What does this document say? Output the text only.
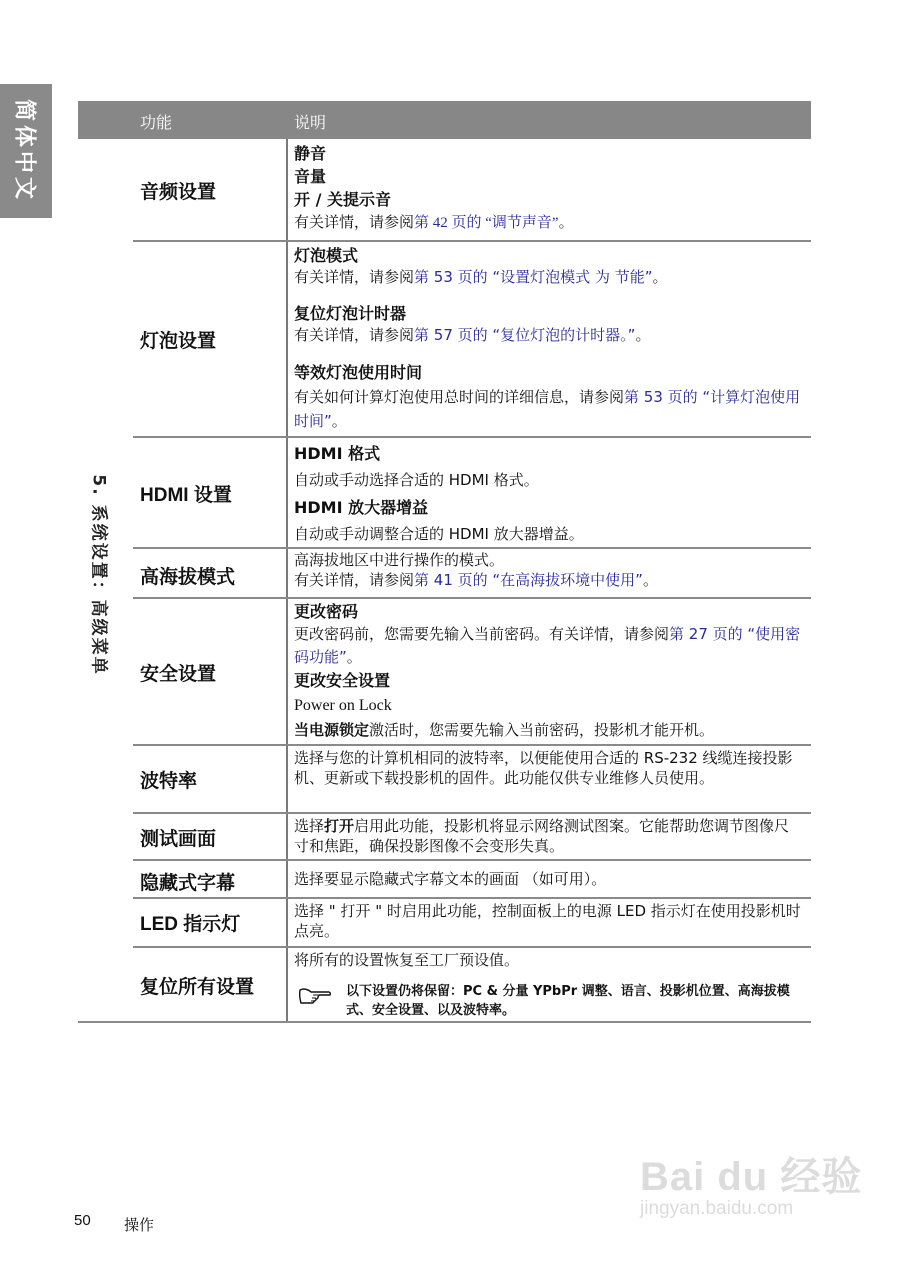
简体中文
5. 系统设置：高级菜单
功能	说明
音频设置
静音
音量
开 / 关提示音
有关详情，请参阅第 42 页的 “调节声音”。
灯泡设置
灯泡模式
有关详情，请参阅第 53 页的 “设置灯泡模式 为 节能”。
复位灯泡计时器
有关详情，请参阅第 57 页的 “复位灯泡的计时器。”。
等效灯泡使用时间
有关如何计算灯泡使用总时间的详细信息，请参阅第 53 页的 “计算灯泡使用时间”。
HDMI 设置
HDMI 格式
自动或手动选择合适的 HDMI 格式。
HDMI 放大器增益
自动或手动调整合适的 HDMI 放大器增益。
高海拔模式
高海拔地区中进行操作的模式。
有关详情，请参阅第 41 页的 “在高海拔环境中使用”。
安全设置
更改密码
更改密码前，您需要先输入当前密码。有关详情，请参阅第 27 页的 “使用密码功能”。
更改安全设置
Power on Lock
当电源锁定激活时，您需要先输入当前密码，投影机才能开机。
波特率
选择与您的计算机相同的波特率，以便能使用合适的 RS-232 线缆连接投影机、更新或下载投影机的固件。此功能仅供专业维修人员使用。
测试画面
选择打开启用此功能，投影机将显示网络测试图案。它能帮助您调节图像尺寸和焦距，确保投影图像不会变形失真。
隐藏式字幕	选择要显示隐藏式字幕文本的画面 （如可用）。
LED 指示灯
选择 " 打开 " 时启用此功能，控制面板上的电源 LED 指示灯在使用投影机时点亮。
复位所有设置
将所有的设置恢复至工厂预设值。
以下设置仍将保留：PC & 分量 YPbPr 调整、语言、投影机位置、高海拔模式、安全设置、以及波特率。
50 操作
Bai du 经验
jingyan.baidu.com
